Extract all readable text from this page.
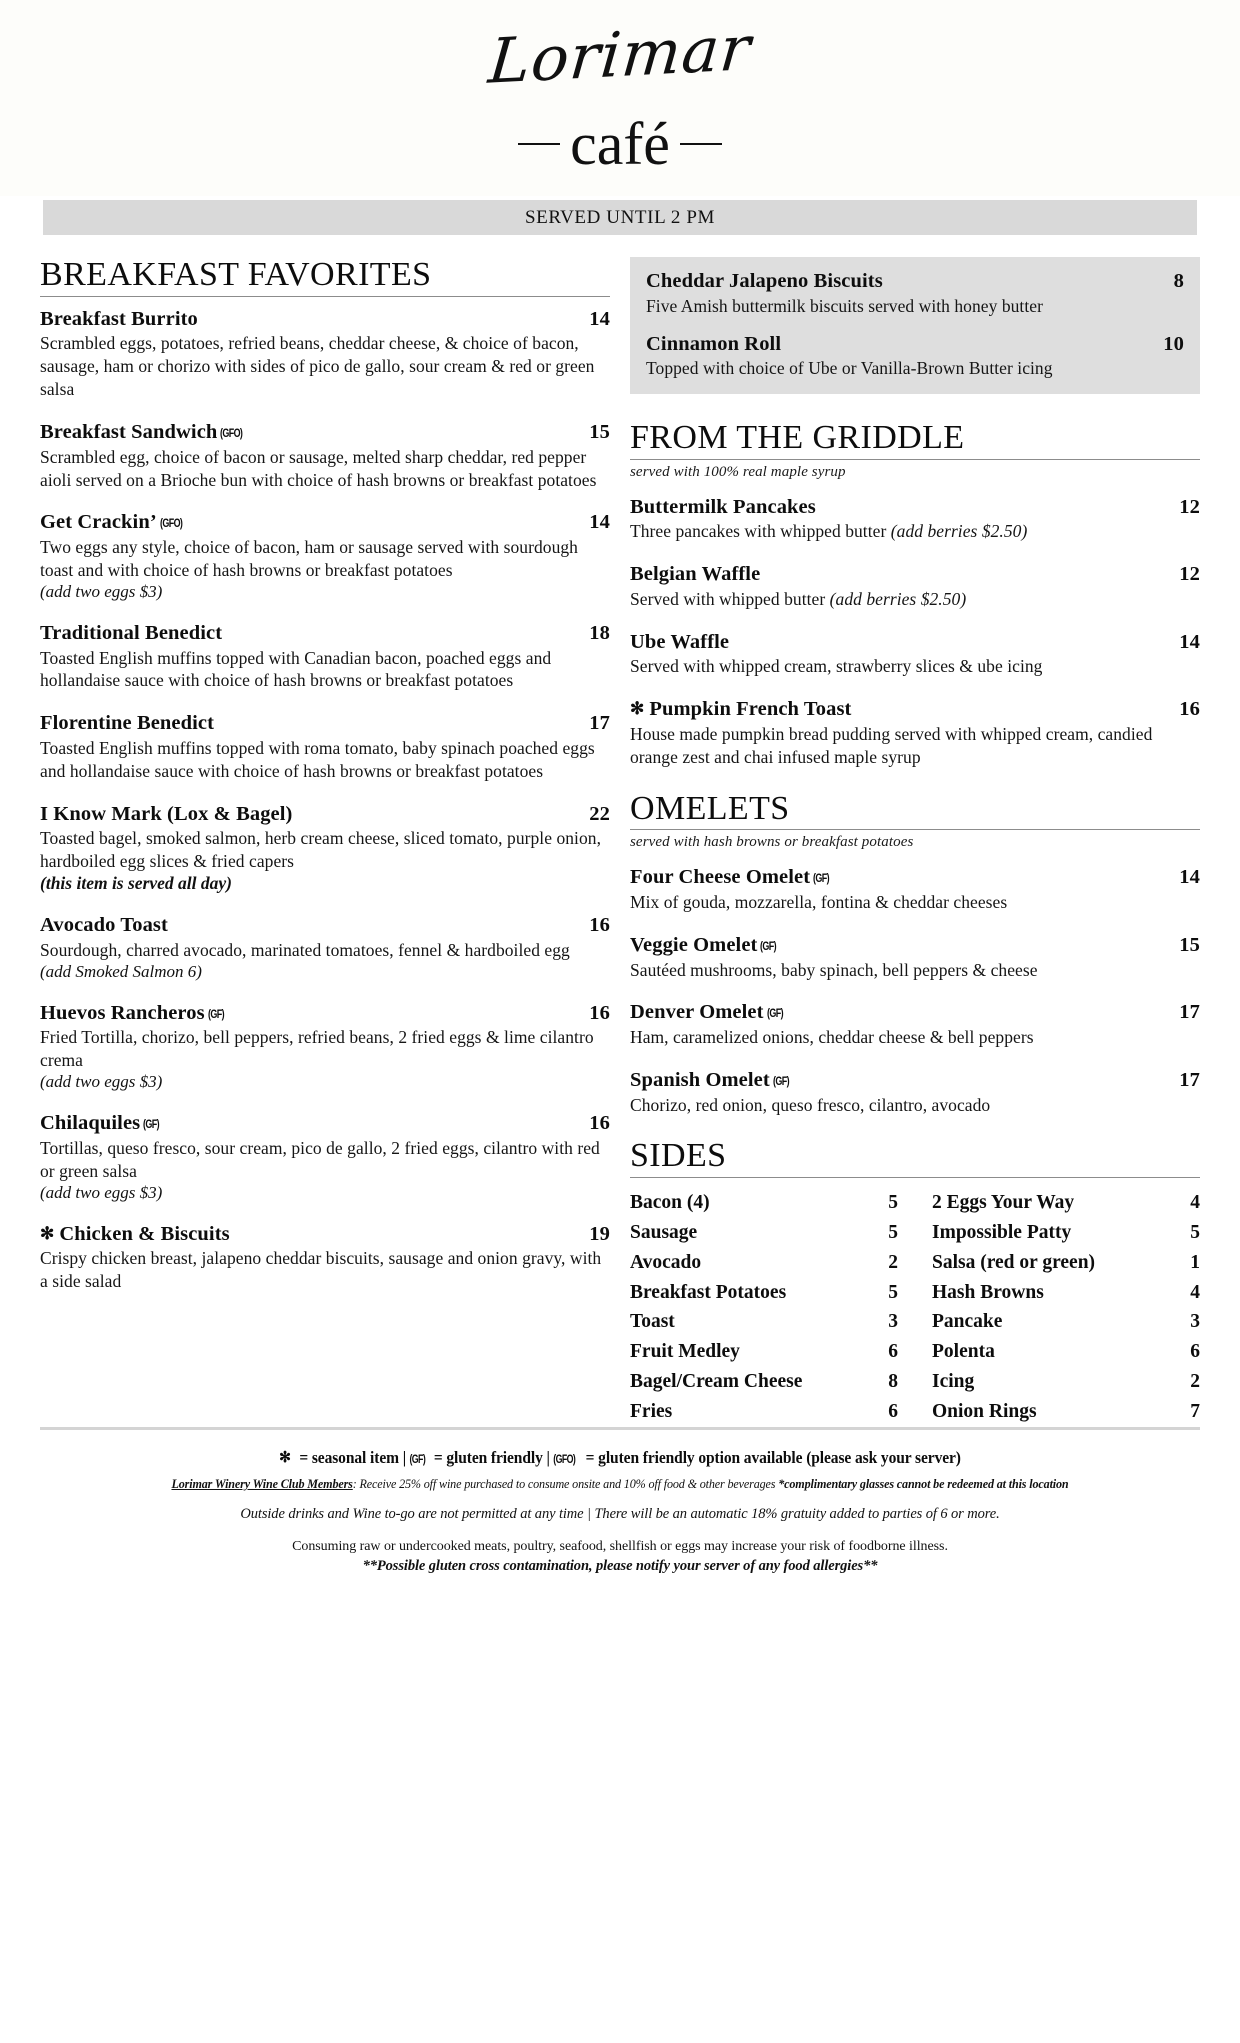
Lorimar
café
SERVED UNTIL 2 PM
BREAKFAST FAVORITES
Breakfast Burrito	14
Scrambled eggs, potatoes, refried beans, cheddar cheese, & choice of bacon, sausage, ham or chorizo with sides of pico de gallo, sour cream & red or green salsa
Breakfast Sandwich (GFO)	15
Scrambled egg, choice of bacon or sausage, melted sharp cheddar, red pepper aioli served on a Brioche bun with choice of hash browns or breakfast potatoes
Get Crackin’ (GFO)	14
Two eggs any style, choice of bacon, ham or sausage served with sourdough toast and with choice of hash browns or breakfast potatoes
(add two eggs $3)
Traditional Benedict	18
Toasted English muffins topped with Canadian bacon, poached eggs and hollandaise sauce with choice of hash browns or breakfast potatoes
Florentine Benedict	17
Toasted English muffins topped with roma tomato, baby spinach poached eggs and hollandaise sauce with choice of hash browns or breakfast potatoes
I Know Mark (Lox & Bagel)	22
Toasted bagel, smoked salmon, herb cream cheese, sliced tomato, purple onion, hardboiled egg slices & fried capers
(this item is served all day)
Avocado Toast	16
Sourdough, charred avocado, marinated tomatoes, fennel & hardboiled egg
(add Smoked Salmon 6)
Huevos Rancheros (GF)	16
Fried Tortilla, chorizo, bell peppers, refried beans, 2 fried eggs & lime cilantro crema
(add two eggs $3)
Chilaquiles (GF)	16
Tortillas, queso fresco, sour cream, pico de gallo, 2 fried eggs, cilantro with red or green salsa
(add two eggs $3)
✻ Chicken & Biscuits	19
Crispy chicken breast, jalapeno cheddar biscuits, sausage and onion gravy, with a side salad
Cheddar Jalapeno Biscuits	8
Five Amish buttermilk biscuits served with honey butter
Cinnamon Roll	10
Topped with choice of Ube or Vanilla-Brown Butter icing
FROM THE GRIDDLE
served with 100% real maple syrup
Buttermilk Pancakes	12
Three pancakes with whipped butter (add berries $2.50)
Belgian Waffle	12
Served with whipped butter (add berries $2.50)
Ube Waffle	14
Served with whipped cream, strawberry slices & ube icing
✻ Pumpkin French Toast	16
House made pumpkin bread pudding served with whipped cream, candied orange zest and chai infused maple syrup
OMELETS
served with hash browns or breakfast potatoes
Four Cheese Omelet (GF)	14
Mix of gouda, mozzarella, fontina & cheddar cheeses
Veggie Omelet (GF)	15
Sautéed mushrooms, baby spinach, bell peppers & cheese
Denver Omelet (GF)	17
Ham, caramelized onions, cheddar cheese & bell peppers
Spanish Omelet (GF)	17
Chorizo, red onion, queso fresco, cilantro, avocado
SIDES
Bacon (4)	5
Sausage	5
Avocado	2
Breakfast Potatoes	5
Toast	3
Fruit Medley	6
Bagel/Cream Cheese	8
Fries	6
2 Eggs Your Way	4
Impossible Patty	5
Salsa (red or green)	1
Hash Browns	4
Pancake	3
Polenta	6
Icing	2
Onion Rings	7
✻ = seasonal item | (GF) = gluten friendly | (GFO) = gluten friendly option available (please ask your server)
Lorimar Winery Wine Club Members: Receive 25% off wine purchased to consume onsite and 10% off food & other beverages *complimentary glasses cannot be redeemed at this location
Outside drinks and Wine to-go are not permitted at any time | There will be an automatic 18% gratuity added to parties of 6 or more.
Consuming raw or undercooked meats, poultry, seafood, shellfish or eggs may increase your risk of foodborne illness.
**Possible gluten cross contamination, please notify your server of any food allergies**
